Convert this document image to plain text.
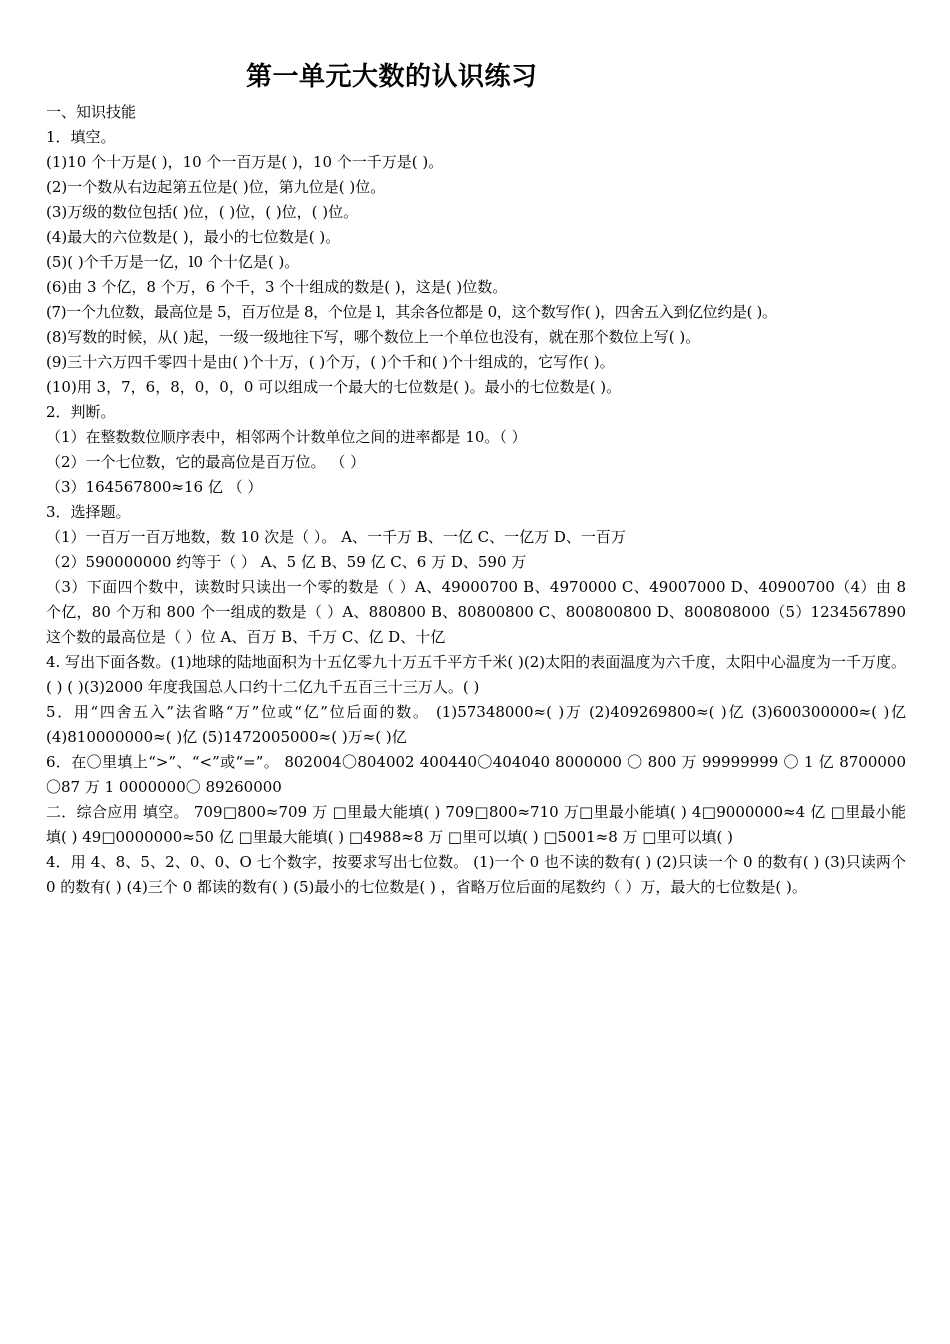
第一单元大数的认识练习
一、知识技能
1．填空。
(1)10 个十万是( )，10 个一百万是( )，10 个一千万是( )。
(2)一个数从右边起第五位是( )位，第九位是( )位。
(3)万级的数位包括( )位，( )位，( )位，( )位。
(4)最大的六位数是( )，最小的七位数是( )。
(5)( )个千万是一亿，l0 个十亿是( )。
(6)由 3 个亿，8 个万，6 个千，3 个十组成的数是( )，这是( )位数。
(7)一个九位数，最高位是 5，百万位是 8，个位是 l，其余各位都是 0，这个数写作( )，四舍五入到亿位约是( )。
(8)写数的时候，从( )起，一级一级地往下写，哪个数位上一个单位也没有，就在那个数位上写( )。
(9)三十六万四千零四十是由( )个十万，( )个万，( )个千和( )个十组成的，它写作( )。
(10)用 3，7，6，8，0，0，0 可以组成一个最大的七位数是( )。最小的七位数是( )。
2．判断。
（1）在整数数位顺序表中，相邻两个计数单位之间的进率都是 10。（ ）
（2）一个七位数，它的最高位是百万位。 （ ）
（3）164567800≈16 亿 （ ）
3．选择题。
（1）一百万一百万地数，数 10 次是（ ）。 A、一千万 B、一亿 C、一亿万 D、一百万
（2）590000000 约等于（ ） A、5 亿 B、59 亿 C、6 万 D、590 万
（3）下面四个数中，读数时只读出一个零的数是（ ）A、49000700 B、4970000 C、49007000 D、40900700（4）由 8 个亿，80 个万和 800 个一组成的数是（ ）A、880800 B、80800800 C、800800800 D、800808000（5）1234567890 这个数的最高位是（ ）位 A、百万 B、千万 C、亿 D、十亿
4. 写出下面各数。(1)地球的陆地面积为十五亿零九十万五千平方千米( )(2)太阳的表面温度为六千度，太阳中心温度为一千万度。( ) ( )(3)2000 年度我国总人口约十二亿九千五百三十三万人。( )
5．用“四舍五入”法省略“万”位或“亿”位后面的数。 (1)57348000≈( )万 (2)409269800≈( )亿 (3)600300000≈( )亿 (4)810000000≈( )亿 (5)1472005000≈( )万≈( )亿
6．在〇里填上“>”、“<”或“=”。 802004〇804002 400440〇404040 8000000 〇 800 万 99999999 〇 1 亿 8700000 〇87 万 1 0000000〇 89260000
二．综合应用 填空。 709□800≈709 万 □里最大能填( ) 709□800≈710 万□里最小能填( ) 4□9000000≈4 亿 □里最小能填( ) 49□0000000≈50 亿 □里最大能填( ) □4988≈8 万 □里可以填( ) □5001≈8 万 □里可以填( )
4．用 4、8、5、2、0、0、O 七个数字，按要求写出七位数。 (1)一个 0 也不读的数有( ) (2)只读一个 0 的数有( ) (3)只读两个 0 的数有( ) (4)三个 0 都读的数有( ) (5)最小的七位数是( ) ，省略万位后面的尾数约（ ）万，最大的七位数是( )。
